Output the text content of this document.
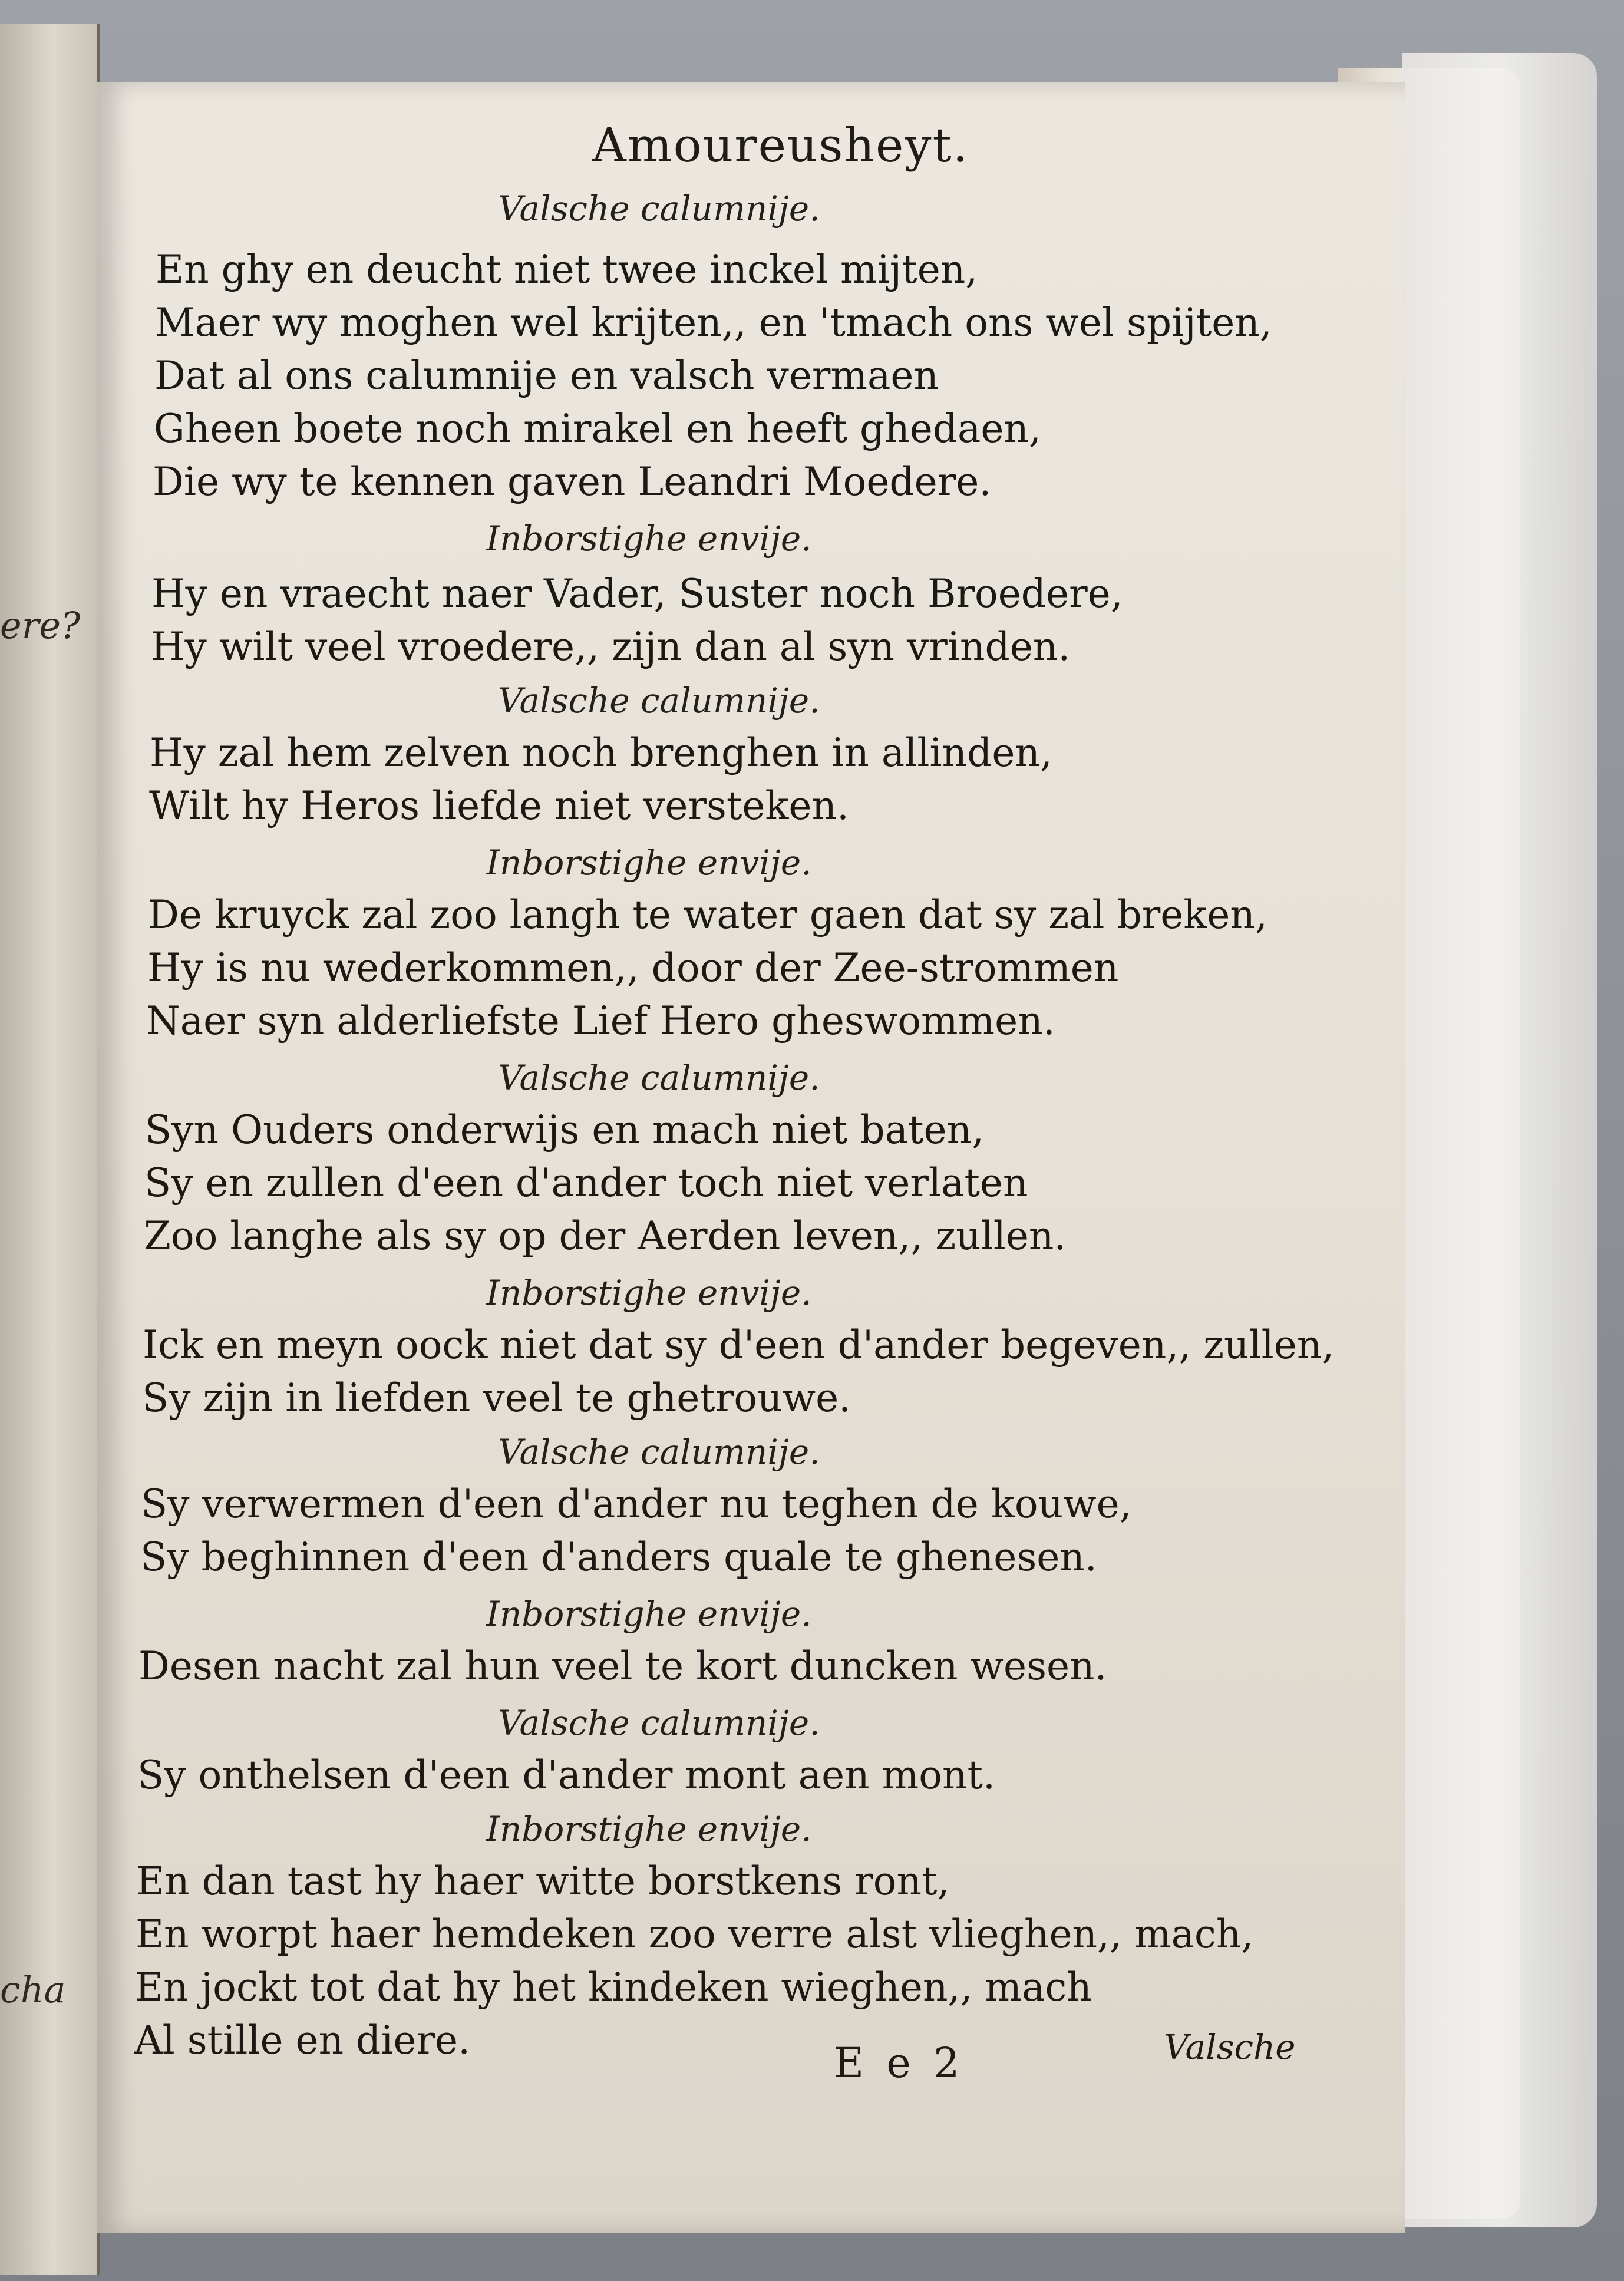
ere?
cha
Amoureusheyt.
Valsche calumnije.
En ghy en deucht niet twee inckel mijten,
Maer wy moghen wel krijten,, en 'tmach ons wel spijten,
Dat al ons calumnije en valsch vermaen
Gheen boete noch mirakel en heeft ghedaen,
Die wy te kennen gaven Leandri Moedere.
Inborstighe envije.
Hy en vraecht naer Vader, Suster noch Broedere,
Hy wilt veel vroedere,, zijn dan al syn vrinden.
Valsche calumnije.
Hy zal hem zelven noch brenghen in allinden,
Wilt hy Heros liefde niet versteken.
Inborstighe envije.
De kruyck zal zoo langh te water gaen dat sy zal breken,
Hy is nu wederkommen,, door der Zee-strommen
Naer syn alderliefste Lief Hero gheswommen.
Valsche calumnije.
Syn Ouders onderwijs en mach niet baten,
Sy en zullen d'een d'ander toch niet verlaten
Zoo langhe als sy op der Aerden leven,, zullen.
Inborstighe envije.
Ick en meyn oock niet dat sy d'een d'ander begeven,, zullen,
Sy zijn in liefden veel te ghetrouwe.
Valsche calumnije.
Sy verwermen d'een d'ander nu teghen de kouwe,
Sy beghinnen d'een d'anders quale te ghenesen.
Inborstighe envije.
Desen nacht zal hun veel te kort duncken wesen.
Valsche calumnije.
Sy onthelsen d'een d'ander mont aen mont.
Inborstighe envije.
En dan tast hy haer witte borstkens ront,
En worpt haer hemdeken zoo verre alst vlieghen,, mach,
En jockt tot dat hy het kindeken wieghen,, mach
Al stille en diere.	E e 2	Valsche
